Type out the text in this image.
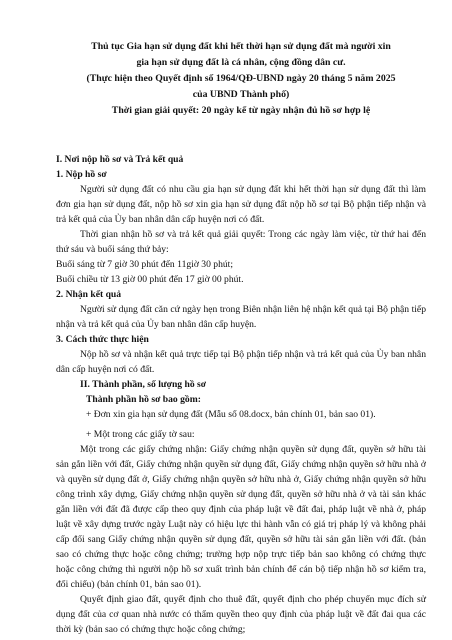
Thủ tục Gia hạn sử dụng đất khi hết thời hạn sử dụng đất mà người xin
gia hạn sử dụng đất là cá nhân, cộng đồng dân cư.
(Thực hiện theo Quyết định số 1964/QĐ-UBND ngày 20 tháng 5 năm 2025
của UBND Thành phố)
Thời gian giải quyết: 20 ngày kể từ ngày nhận đủ hồ sơ hợp lệ

I. Nơi nộp hồ sơ và Trả kết quả

1. Nộp hồ sơ

Người sử dụng đất có nhu cầu gia hạn sử dụng đất khi hết thời hạn sử dụng đất thì làm đơn gia hạn sử dụng đất, nộp hồ sơ xin gia hạn sử dụng đất nộp hồ sơ tại Bộ phận tiếp nhận và trả kết quả của Ủy ban nhân dân cấp huyện nơi có đất.

Thời gian nhận hồ sơ và trả kết quả giải quyết: Trong các ngày làm việc, từ thứ hai đến thứ sáu và buổi sáng thứ bảy:

Buổi sáng từ 7 giờ 30 phút đến 11giờ 30 phút;

Buổi chiều từ 13 giờ 00 phút đến 17 giờ 00 phút.

2. Nhận kết quả

Người sử dụng đất căn cứ ngày hẹn trong Biên nhận liên hệ nhận kết quả tại Bộ phận tiếp nhận và trả kết quả của Ủy ban nhân dân cấp huyện.

3. Cách thức thực hiện

Nộp hồ sơ và nhận kết quả trực tiếp tại Bộ phận tiếp nhận và trả kết quả của Ủy ban nhân dân cấp huyện nơi có đất.

II. Thành phần, số lượng hồ sơ

Thành phần hồ sơ bao gồm:

+ Đơn xin gia hạn sử dụng đất (Mẫu số 08.docx, bản chính 01, bản sao 01).

+ Một trong các giấy tờ sau:

Một trong các giấy chứng nhận: Giấy chứng nhận quyền sử dụng đất, quyền sở hữu tài sản gắn liền với đất, Giấy chứng nhận quyền sử dụng đất, Giấy chứng nhận quyền sở hữu nhà ở và quyền sử dụng đất ở, Giấy chứng nhận quyền sở hữu nhà ở, Giấy chứng nhận quyền sở hữu công trình xây dựng, Giấy chứng nhận quyền sử dụng đất, quyền sở hữu nhà ở và tài sản khác gắn liền với đất đã được cấp theo quy định của pháp luật về đất đai, pháp luật về nhà ở, pháp luật về xây dựng trước ngày Luật này có hiệu lực thi hành vẫn có giá trị pháp lý và không phải cấp đổi sang Giấy chứng nhận quyền sử dụng đất, quyền sở hữu tài sản gắn liền với đất. (bản sao có chứng thực hoặc công chứng; trường hợp nộp trực tiếp bản sao không có chứng thực hoặc công chứng thì người nộp hồ sơ xuất trình bản chính để cán bộ tiếp nhận hồ sơ kiểm tra, đối chiếu) (bản chính 01, bản sao 01).

Quyết định giao đất, quyết định cho thuê đất, quyết định cho phép chuyển mục đích sử dụng đất của cơ quan nhà nước có thẩm quyền theo quy định của pháp luật về đất đai qua các thời kỳ (bản sao có chứng thực hoặc công chứng;
